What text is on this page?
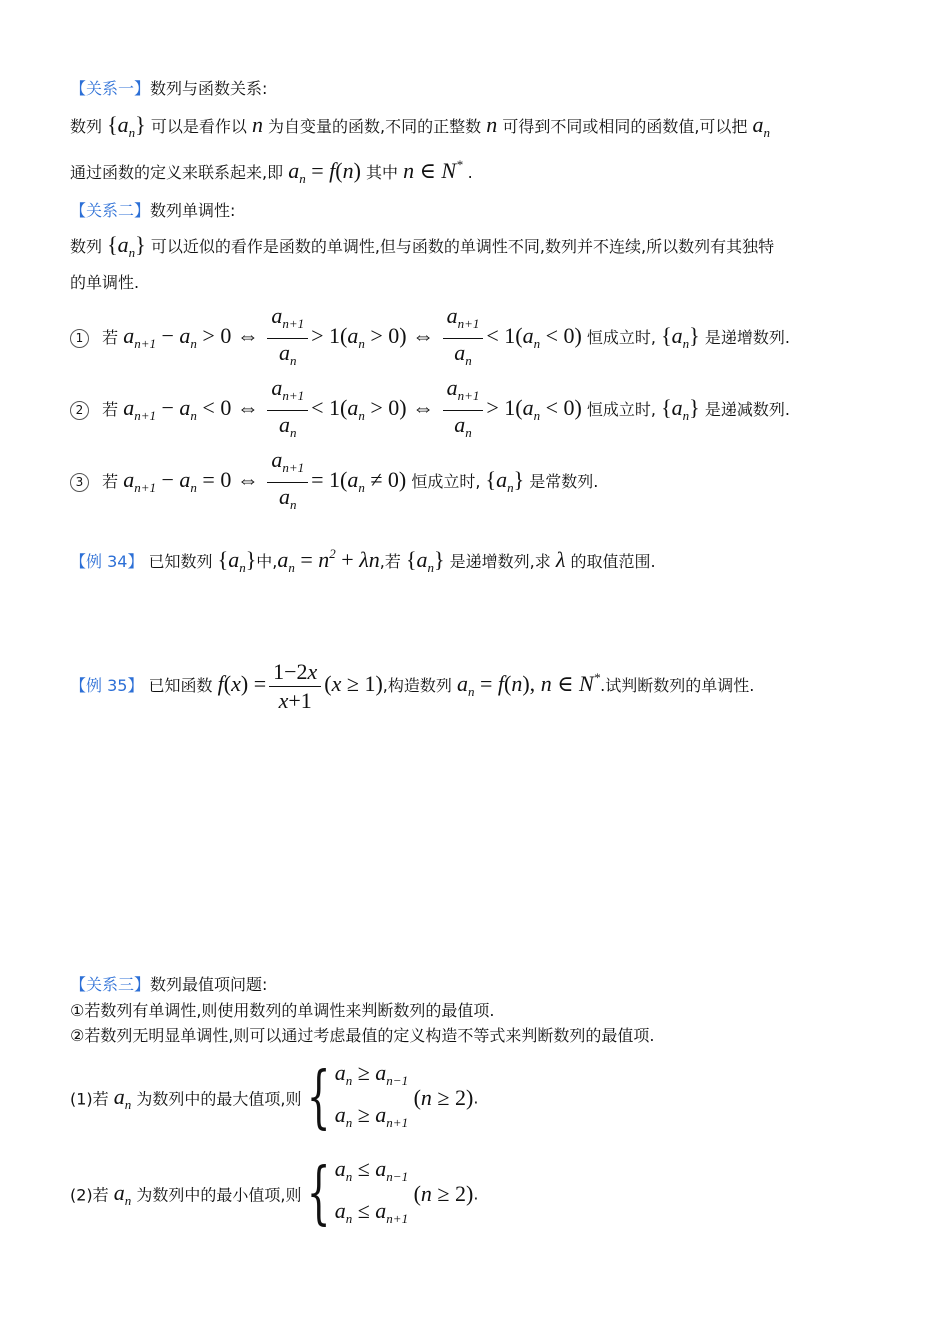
【关系一】数列与函数关系:
数列 $\{a_n\}$ 可以是看作以 n 为自变量的函数,不同的正整数 n 可得到不同或相同的函数值,可以把 $a_n$
通过函数的定义来联系起来,即 $a_n = f(n)$ 其中 n ∈ N* .
【关系二】数列单调性:
数列 $\{a_n\}$ 可以近似的看作是函数的单调性,但与函数的单调性不同,数列并不连续,所以数列有其独特
的单调性.
1 若 $a_{n+1} - a_n > 0$ ⇔ $\frac{a_{n+1}}{a_n} > 1(a_n > 0)$ ⇔ $\frac{a_{n+1}}{a_n} < 1(a_n < 0)$ 恒成立时, $\{a_n\}$ 是递增数列.
2 若 $a_{n+1} - a_n < 0$ ⇔ $\frac{a_{n+1}}{a_n} < 1(a_n > 0)$ ⇔ $\frac{a_{n+1}}{a_n} > 1(a_n < 0)$ 恒成立时, $\{a_n\}$ 是递减数列.
3 若 $a_{n+1} - a_n = 0$ ⇔ $\frac{a_{n+1}}{a_n} = 1(a_n \ne 0)$ 恒成立时, $\{a_n\}$ 是常数列.
【例 34】 已知数列 $\{a_n\}$中$,a_n = n^2 + \lambda n$,若 $\{a_n\}$ 是递增数列,求 λ 的取值范围.
【例 35】 已知函数 $f(x) = \frac{1-2x}{x+1} (x \ge 1)$,构造数列 $a_n = f(n)$, n ∈ N*.试判断数列的单调性.
【关系三】数列最值项问题:
①若数列有单调性,则使用数列的单调性来判断数列的最值项.
②若数列无明显单调性,则可以通过考虑最值的定义构造不等式来判断数列的最值项.
(1)若 $a_n$ 为数列中的最大值项,则{ $a_n \ge a_{n-1}$
$a_n \ge a_{n+1}$
(n ≥ 2).
(2)若 $a_n$ 为数列中的最小值项,则{ $a_n \le a_{n-1}$
$a_n \le a_{n+1}$
(n ≥ 2).
